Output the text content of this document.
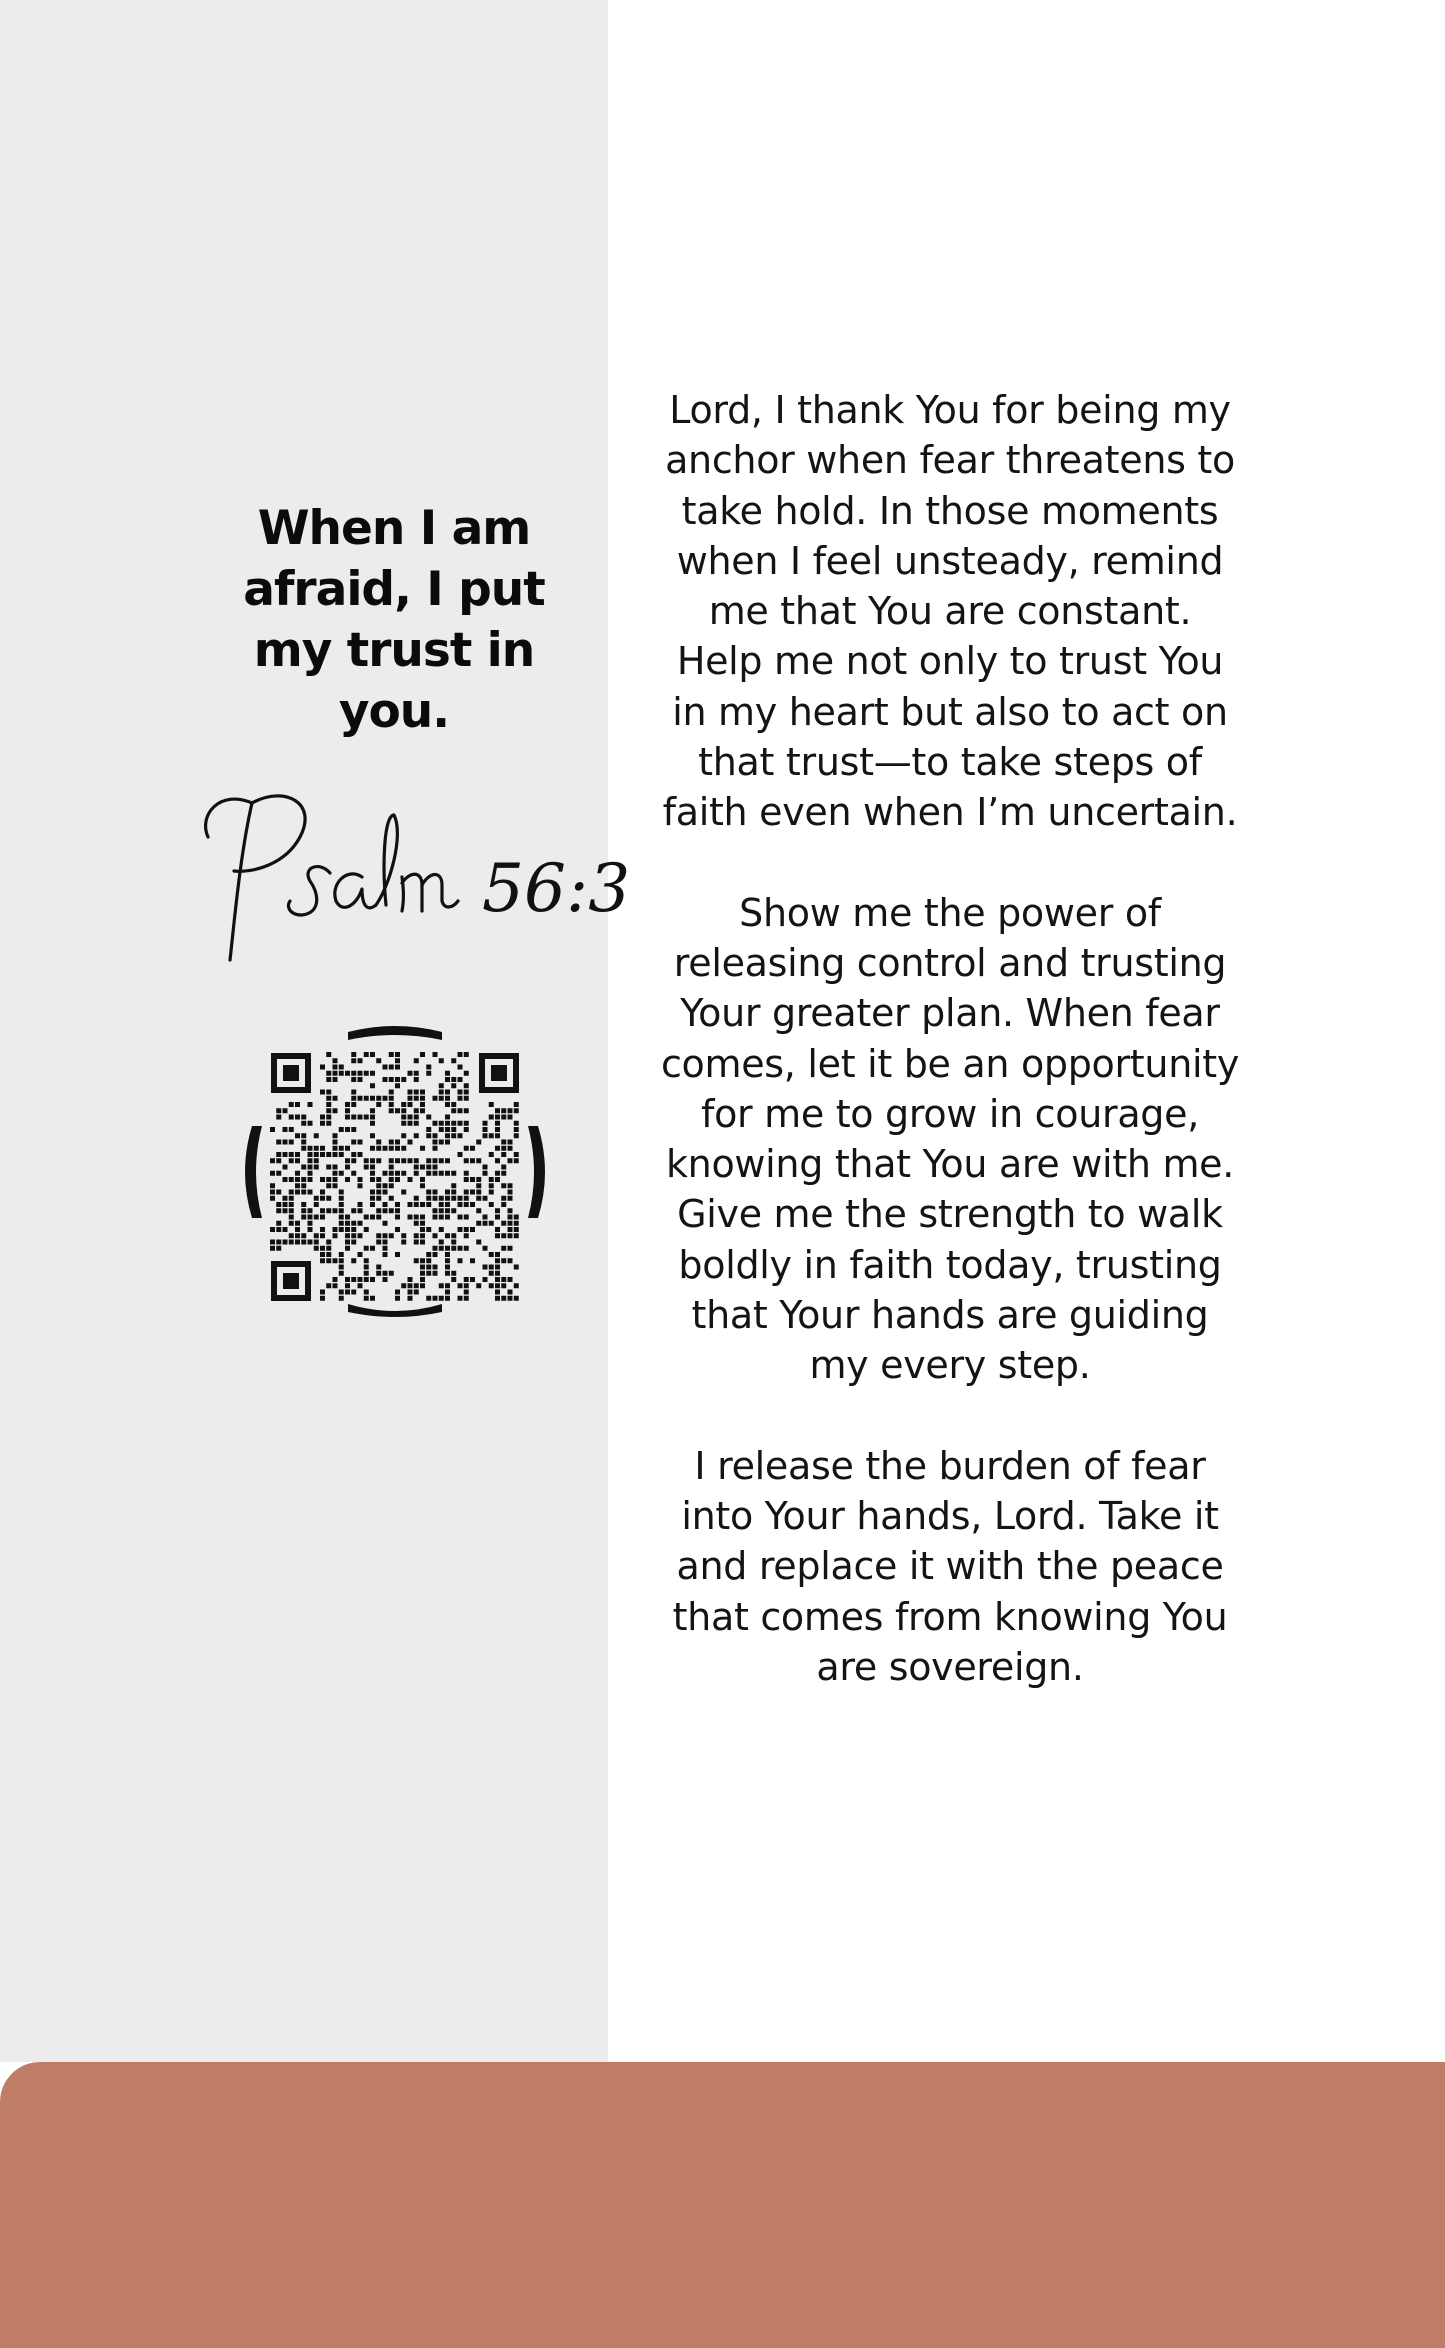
When I am
afraid, I put
my trust in
you.
56:3

Lord, I thank You for being my
anchor when fear threatens to
take hold. In those moments
when I feel unsteady, remind
me that You are constant.
Help me not only to trust You
in my heart but also to act on
that trust—to take steps of
faith even when I’m uncertain.

Show me the power of
releasing control and trusting
Your greater plan. When fear
comes, let it be an opportunity
for me to grow in courage,
knowing that You are with me.
Give me the strength to walk
boldly in faith today, trusting
that Your hands are guiding
my every step.

I release the burden of fear
into Your hands, Lord. Take it
and replace it with the peace
that comes from knowing You
are sovereign.
